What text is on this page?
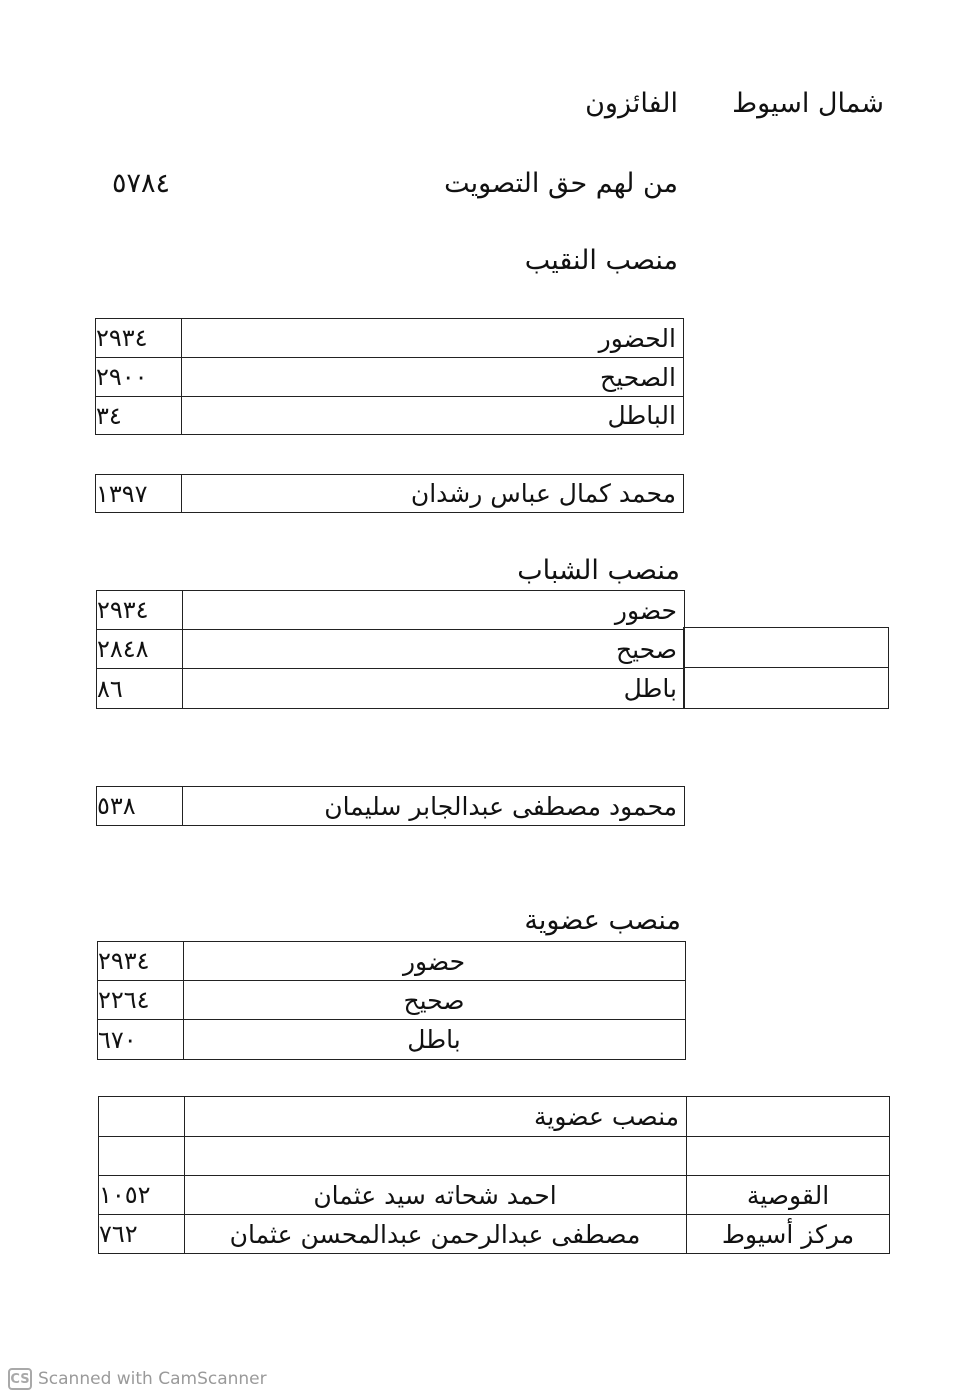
شمال اسيوط
الفائزون
من لهم حق التصويت
٥٧٨٤
منصب النقيب
٢٩٣٤	الحضور
٢٩٠٠	الصحيح
٣٤	الباطل
١٣٩٧	محمد كمال عباس رشدان
منصب الشباب
٢٩٣٤	حضور
٢٨٤٨	صحيح
٨٦	باطل
٥٣٨	محمود مصطفى عبدالجابر سليمان
منصب عضوية
٢٩٣٤	حضور
٢٢٦٤	صحيح
٦٧٠	باطل
منصب عضوية
١٠٥٢	احمد شحاته سيد عثمان	القوصية
٧٦٢	مصطفى عبدالرحمن عبدالمحسن عثمان	مركز أسيوط
CS Scanned with CamScanner
